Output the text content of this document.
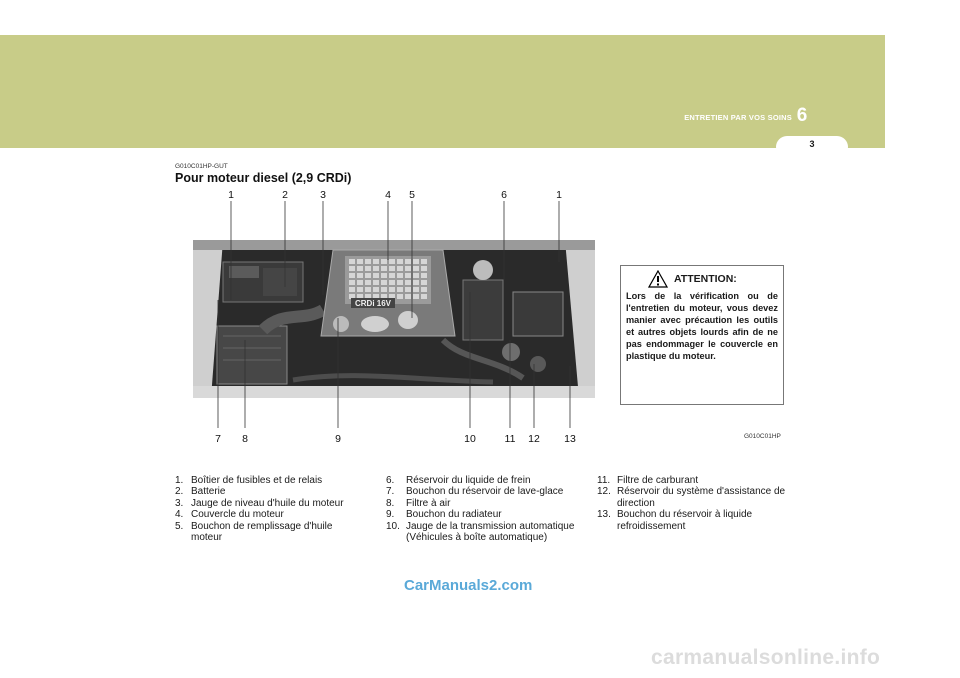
ENTRETIEN PAR VOS SOINS 6
3
G010C01HP-GUT
Pour moteur diesel (2,9 CRDi)
1	2	3	4	5	6	1
7	8	9	10	11 12 13
CRDi 16V
ATTENTION:
Lors de la vérification ou de l'entretien du moteur, vous devez manier avec précaution les outils et autres objets lourds afin de ne pas endommager le couvercle en plastique du moteur.
G010C01HP
1. Boîtier de fusibles et de relais
2. Batterie
3. Jauge de niveau d'huile du moteur
4. Couvercle du moteur
5. Bouchon de remplissage d'huile moteur
6.	Réservoir du liquide de frein
7.	Bouchon du réservoir de lave-glace
8.	Filtre à air
9.	Bouchon du radiateur
10. Jauge de la transmission automatique (Véhicules à boîte automatique)
11. Filtre de carburant
12. Réservoir du système d'assistance de direction
13. Bouchon du réservoir à liquide refroidissement
CarManuals2.com
carmanualsonline.info
